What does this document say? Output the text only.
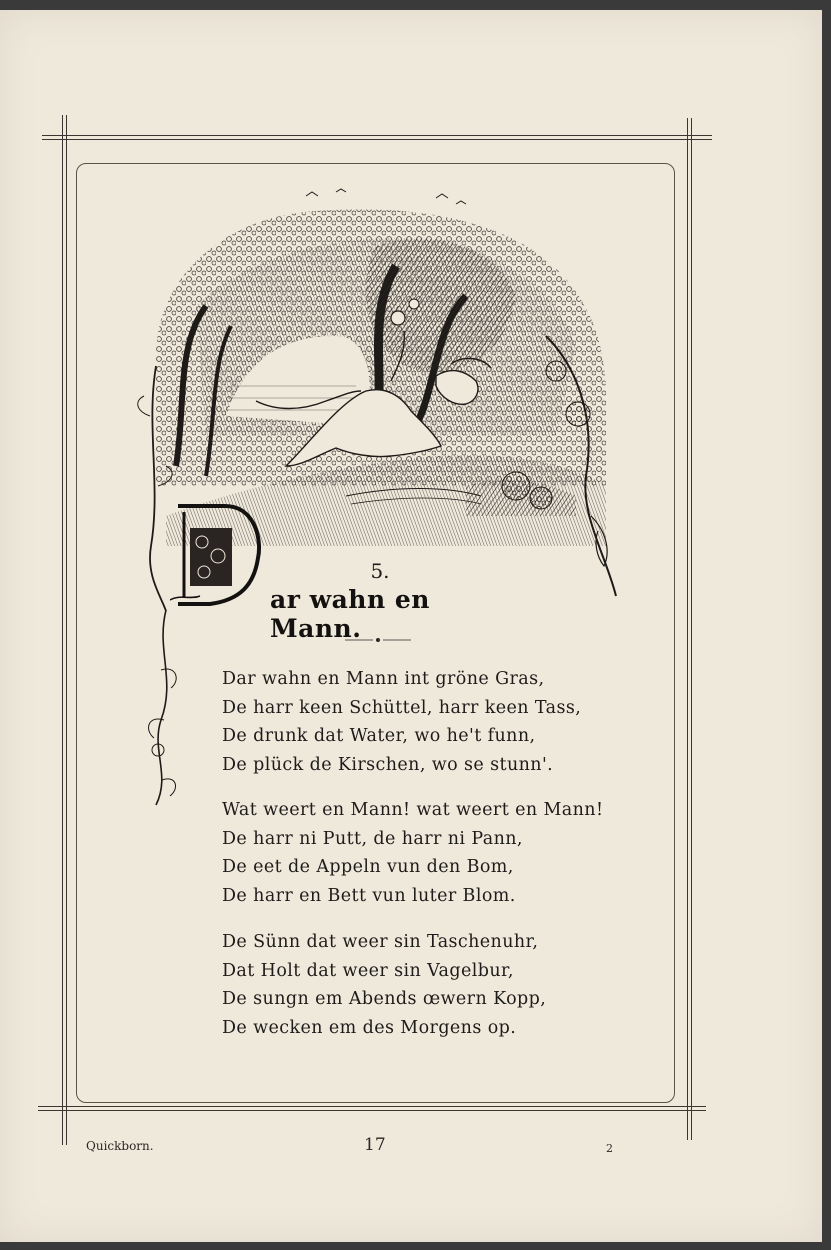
5.
ar wahn en Mann.
Dar wahn en Mann int gröne Gras,
De harr keen Schüttel, harr keen Tass,
De drunk dat Water, wo he't funn,
De plück de Kirschen, wo se stunn'.
Wat weert en Mann! wat weert en Mann!
De harr ni Putt, de harr ni Pann,
De eet de Appeln vun den Bom,
De harr en Bett vun luter Blom.
De Sünn dat weer sin Taschenuhr,
Dat Holt dat weer sin Vagelbur,
De sungn em Abends œwern Kopp,
De wecken em des Morgens op.
Quickborn.	17	2
